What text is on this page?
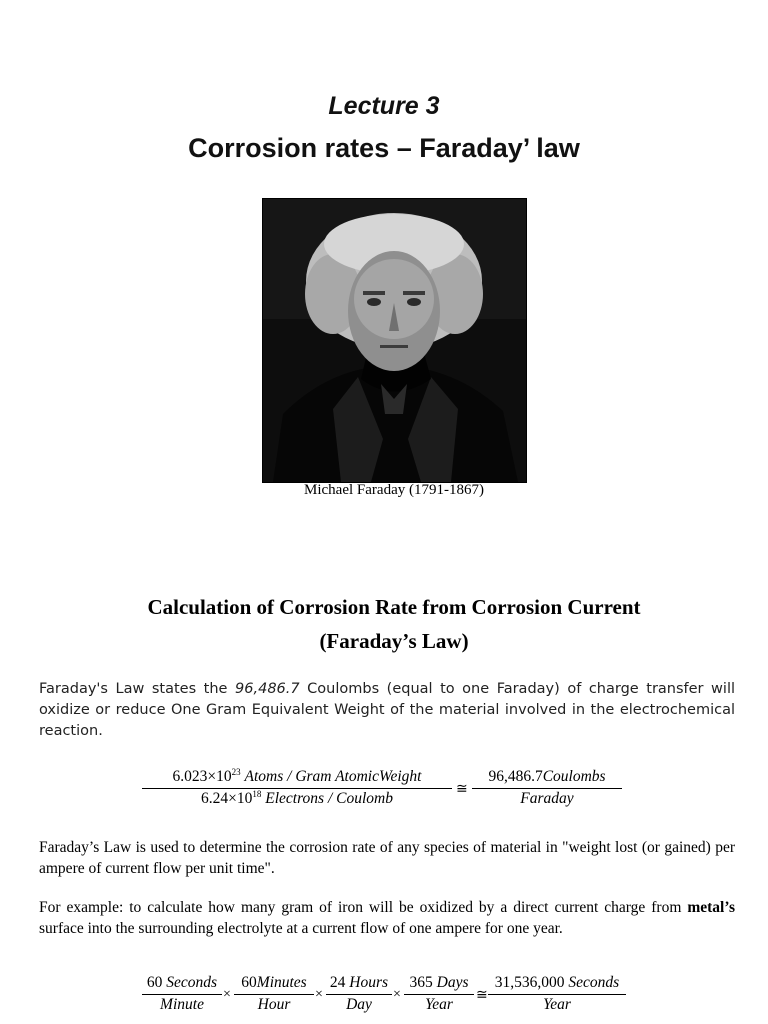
Lecture 3
Corrosion rates – Faraday’ law
Michael Faraday (1791-1867)
Calculation of Corrosion Rate from Corrosion Current
(Faraday’s Law)
Faraday's Law states the 96,486.7 Coulombs (equal to one Faraday) of charge transfer will oxidize or reduce One Gram Equivalent Weight of the material involved in the electrochemical reaction.
$6.023\times 10^{23}$ Atoms / Gram AtomicWeight
$6.24\times 10^{18}$ Electrons / Coulomb
≅
96,486.7Coulombs
Faraday
Faraday’s Law is used to determine the corrosion rate of any species of material in "weight lost (or gained) per ampere of current flow per unit time".
For example: to calculate how many gram of iron will be oxidized by a direct current charge from metal’s surface into the surrounding electrolyte at a current flow of one ampere for one year.
60 Seconds
Minute
×
60Minutes
Hour
×
24 Hours
Day
×
365 Days
Year
≅
31,536,000 Seconds
Year
